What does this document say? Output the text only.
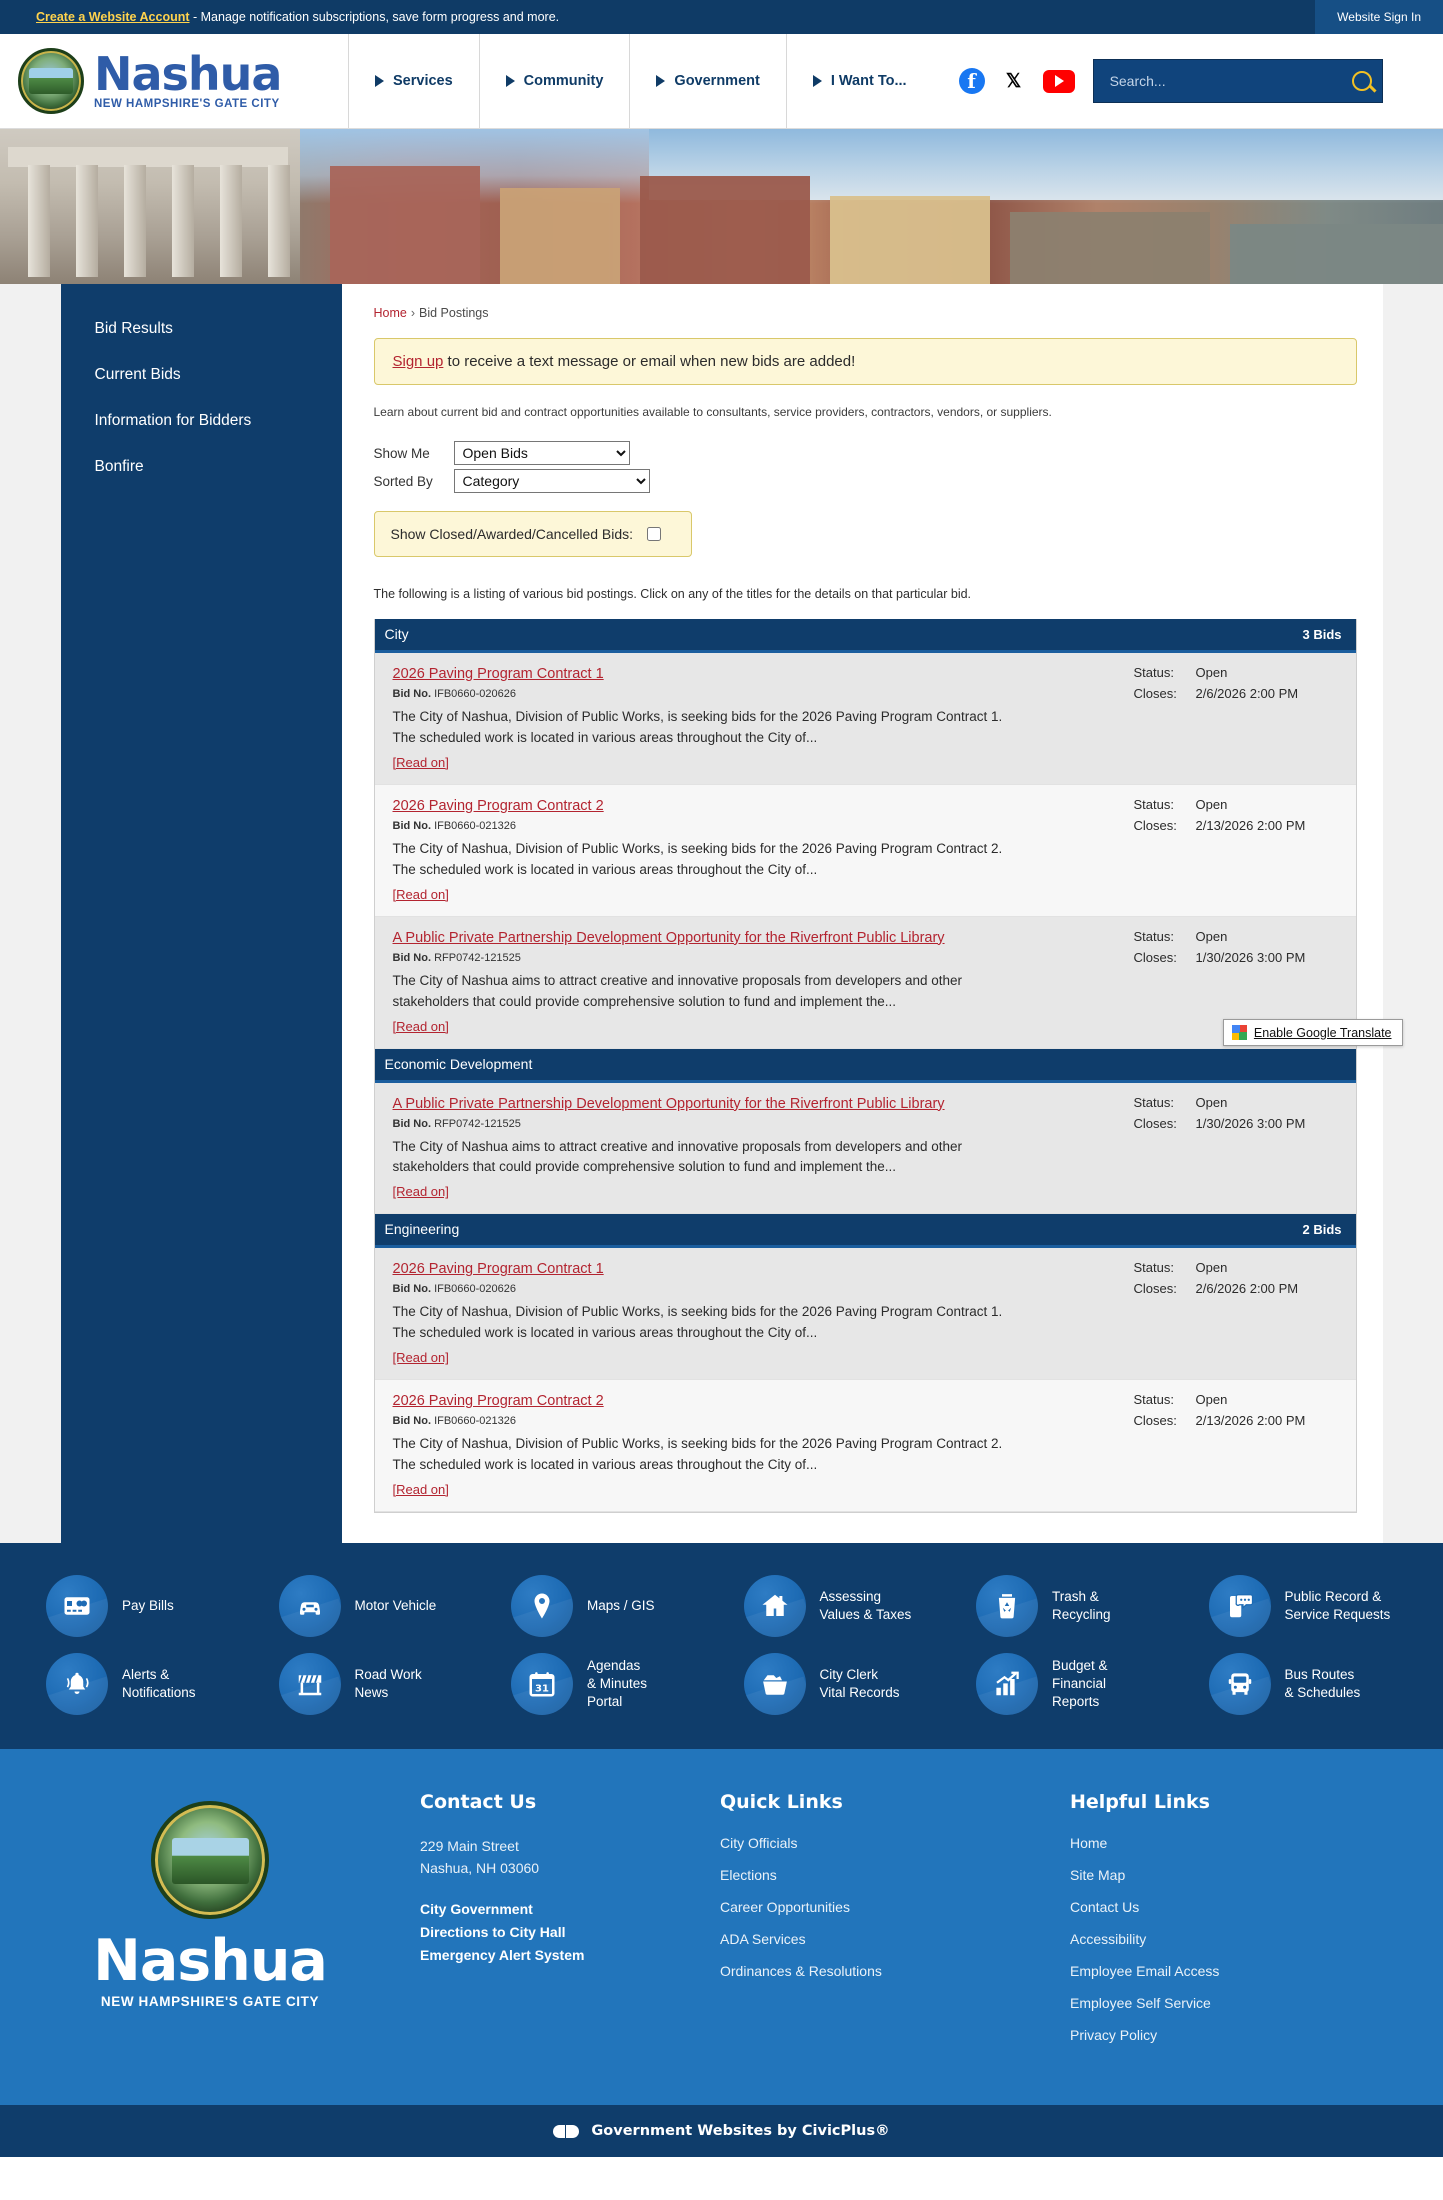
Create a Website Account - Manage notification subscriptions, save form progress and more.	Website Sign In
Nashua
NEW HAMPSHIRE'S GATE CITY
Services	Community	Government	I Want To...	f	𝕏
Search...
Bid Results
Current Bids
Information for Bidders
Bonfire
Home › Bid Postings
Sign up to receive a text message or email when new bids are added!
Learn about current bid and contract opportunities available to consultants, service providers, contractors, vendors, or suppliers.
Show Me
Open Bids
Sorted By
Category
Show Closed/Awarded/Cancelled Bids:
The following is a listing of various bid postings. Click on any of the titles for the details on that particular bid.
City	3 Bids
2026 Paving Program Contract 1
Bid No. IFB0660-020626
The City of Nashua, Division of Public Works, is seeking bids for the 2026 Paving Program Contract 1. The scheduled work is located in various areas throughout the City of...
[Read on]
Status:	Open
Closes:	2/6/2026 2:00 PM
2026 Paving Program Contract 2
Bid No. IFB0660-021326
The City of Nashua, Division of Public Works, is seeking bids for the 2026 Paving Program Contract 2. The scheduled work is located in various areas throughout the City of...
[Read on]
Status:	Open
Closes:	2/13/2026 2:00 PM
A Public Private Partnership Development Opportunity for the Riverfront Public Library
Bid No. RFP0742-121525
The City of Nashua aims to attract creative and innovative proposals from developers and other stakeholders that could provide comprehensive solution to fund and implement the...
[Read on]
Status:	Open
Closes:	1/30/2026 3:00 PM
Economic Development
A Public Private Partnership Development Opportunity for the Riverfront Public Library
Bid No. RFP0742-121525
The City of Nashua aims to attract creative and innovative proposals from developers and other stakeholders that could provide comprehensive solution to fund and implement the...
[Read on]
Status:	Open
Closes:	1/30/2026 3:00 PM
Engineering	2 Bids
2026 Paving Program Contract 1
Bid No. IFB0660-020626
The City of Nashua, Division of Public Works, is seeking bids for the 2026 Paving Program Contract 1. The scheduled work is located in various areas throughout the City of...
[Read on]
Status:	Open
Closes:	2/6/2026 2:00 PM
2026 Paving Program Contract 2
Bid No. IFB0660-021326
The City of Nashua, Division of Public Works, is seeking bids for the 2026 Paving Program Contract 2. The scheduled work is located in various areas throughout the City of...
[Read on]
Status:	Open
Closes:	2/13/2026 2:00 PM
Enable Google Translate
Pay Bills	Motor Vehicle	Maps / GIS
Assessing
Values & Taxes
Trash &
Recycling
Public Record &
Service Requests
Alerts &
Notifications
Road Work
News	31
Agendas
& Minutes
Portal
City Clerk
Vital Records
Budget &
Financial
Reports
Bus Routes
& Schedules
Nashua
NEW HAMPSHIRE'S GATE CITY
Contact Us
229 Main Street
Nashua, NH 03060
City Government
Directions to City Hall
Emergency Alert System
Quick Links
City Officials
Elections
Career Opportunities
ADA Services
Ordinances & Resolutions
Helpful Links
Home
Site Map
Contact Us
Accessibility
Employee Email Access
Employee Self Service
Privacy Policy
Government Websites by CivicPlus®
